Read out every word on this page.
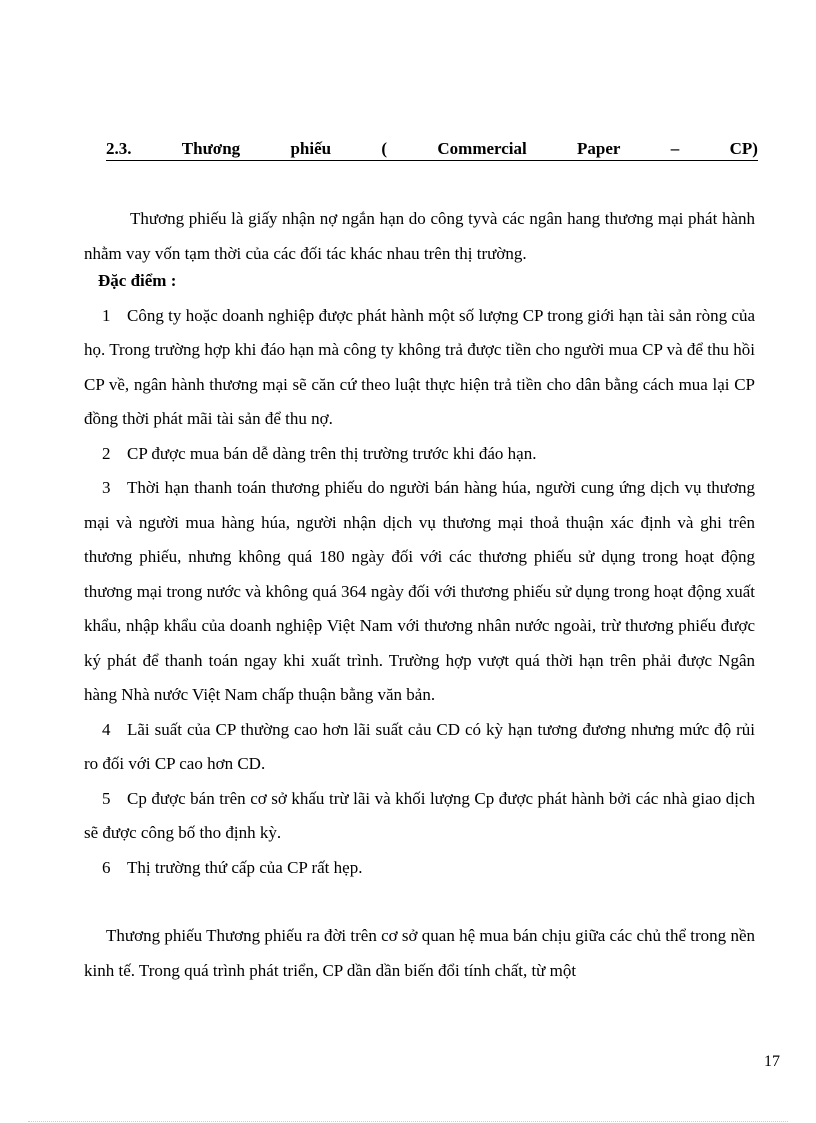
2.3.	Thương	phiếu	(	Commercial	Paper	–	CP)

Thương phiếu là giấy nhận nợ ngắn hạn do công tyvà các ngân hang thương mại phát hành nhằm vay vốn tạm thời của các đối tác khác nhau trên thị trường.

Đặc điểm :

1 Công ty hoặc doanh nghiệp được phát hành một số lượng CP trong giới hạn tài sản ròng của họ. Trong trường hợp khi đáo hạn mà công ty không trả được tiền cho người mua CP và để thu hồi CP về, ngân hành thương mại sẽ căn cứ theo luật thực hiện trả tiền cho dân bằng cách mua lại CP đồng thời phát mãi tài sản để thu nợ.

2 CP được mua bán dễ dàng trên thị trường trước khi đáo hạn.

3 Thời hạn thanh toán thương phiếu do người bán hàng húa, người cung ứng dịch vụ thương mại và người mua hàng húa, người nhận dịch vụ thương mại thoả thuận xác định và ghi trên thương phiếu, nhưng không quá 180 ngày đối với các thương phiếu sử dụng trong hoạt động thương mại trong nước và không quá 364 ngày đối với thương phiếu sử dụng trong hoạt động xuất khẩu, nhập khẩu của doanh nghiệp Việt Nam với thương nhân nước ngoài, trừ thương phiếu được ký phát để thanh toán ngay khi xuất trình. Trường hợp vượt quá thời hạn trên phải được Ngân hàng Nhà nước Việt Nam chấp thuận bằng văn bản.

4 Lãi suất của CP thường cao hơn lãi suất cảu CD có kỳ hạn tương đương nhưng mức độ rủi ro đối với CP cao hơn CD.

5 Cp được bán trên cơ sở khấu trừ lãi và khối lượng Cp được phát hành bởi các nhà giao dịch sẽ được công bố tho định kỳ.

6 Thị trường thứ cấp của CP rất hẹp.

Thương phiếu Thương phiếu ra đời trên cơ sở quan hệ mua bán chịu giữa các chủ thể trong nền kinh tế. Trong quá trình phát triển, CP dần dần biến đổi tính chất, từ một

17
